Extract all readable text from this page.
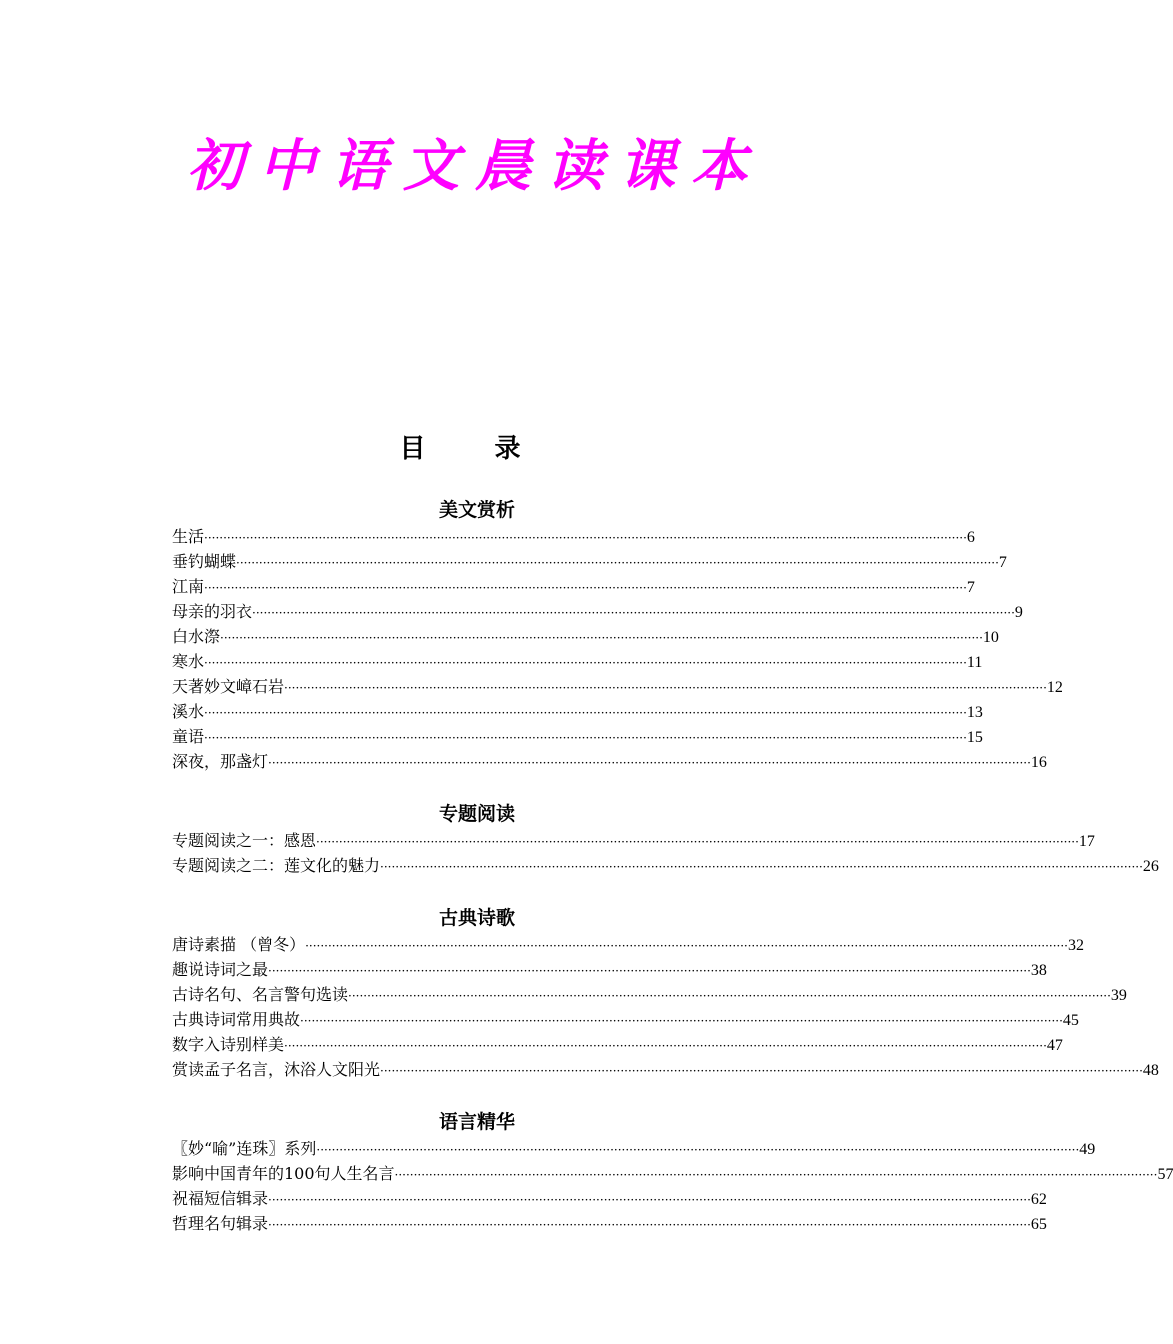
初中语文晨读课本
目 录
美文赏析
生活 ········································································································································································································ 6
垂钓蝴蝶 ········································································································································································································ 7
江南 ········································································································································································································ 7
母亲的羽衣 ········································································································································································································ 9
白水漈 ········································································································································································································ 10
寒水 ········································································································································································································ 11
天著妙文嶂石岩 ········································································································································································································ 12
溪水 ········································································································································································································ 13
童语 ········································································································································································································ 15
深夜，那盏灯 ········································································································································································································ 16
专题阅读
专题阅读之一：感恩 ········································································································································································································ 17
专题阅读之二：莲文化的魅力 ········································································································································································································ 26
古典诗歌
唐诗素描 （曾冬） ········································································································································································································ 32
趣说诗词之最 ········································································································································································································ 38
古诗名句、名言警句选读 ········································································································································································································ 39
古典诗词常用典故 ········································································································································································································ 45
数字入诗别样美 ········································································································································································································ 47
赏读孟子名言，沐浴人文阳光 ········································································································································································································ 48
语言精华
〖妙“喻”连珠〗系列 ········································································································································································································ 49
影响中国青年的100句人生名言 ········································································································································································································ 57
祝福短信辑录 ········································································································································································································ 62
哲理名句辑录 ········································································································································································································ 65
